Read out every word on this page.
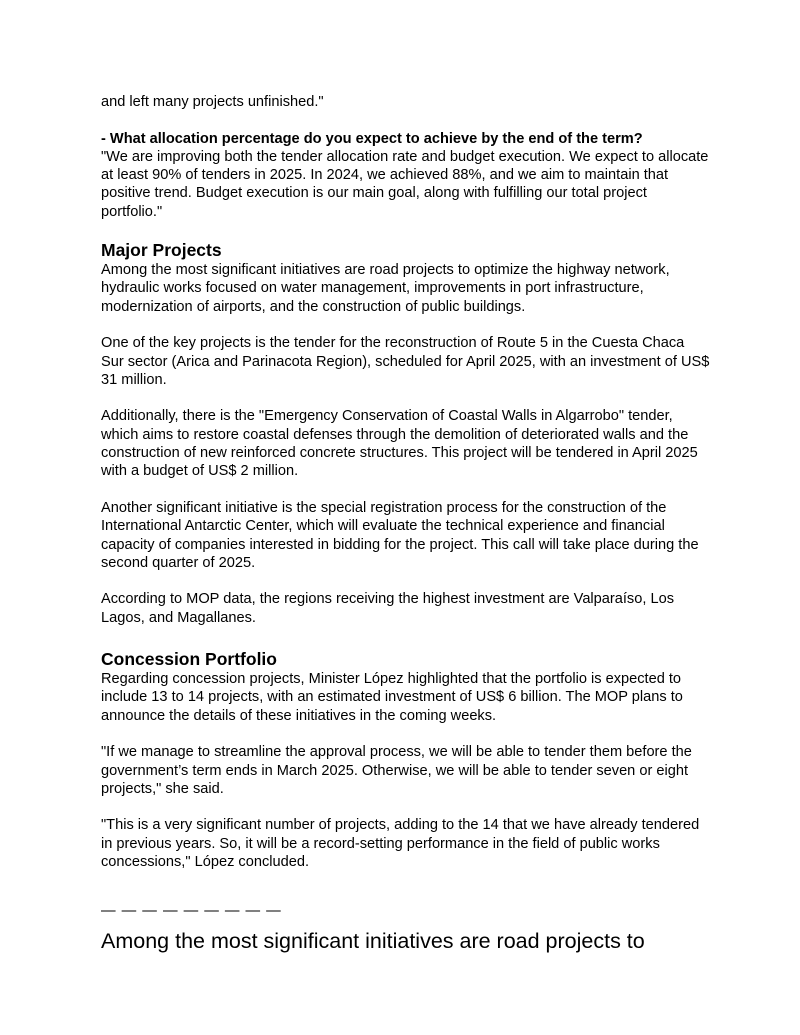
and left many projects unfinished."

- What allocation percentage do you expect to achieve by the end of the term?
"We are improving both the tender allocation rate and budget execution. We expect to allocate at least 90% of tenders in 2025. In 2024, we achieved 88%, and we aim to maintain that positive trend. Budget execution is our main goal, along with fulfilling our total project portfolio."

Major Projects

Among the most significant initiatives are road projects to optimize the highway network, hydraulic works focused on water management, improvements in port infrastructure, modernization of airports, and the construction of public buildings.

One of the key projects is the tender for the reconstruction of Route 5 in the Cuesta Chaca Sur sector (Arica and Parinacota Region), scheduled for April 2025, with an investment of US$ 31 million.

Additionally, there is the "Emergency Conservation of Coastal Walls in Algarrobo" tender, which aims to restore coastal defenses through the demolition of deteriorated walls and the construction of new reinforced concrete structures. This project will be tendered in April 2025 with a budget of US$ 2 million.

Another significant initiative is the special registration process for the construction of the International Antarctic Center, which will evaluate the technical experience and financial capacity of companies interested in bidding for the project. This call will take place during the second quarter of 2025.

According to MOP data, the regions receiving the highest investment are Valparaíso, Los Lagos, and Magallanes.

Concession Portfolio

Regarding concession projects, Minister López highlighted that the portfolio is expected to include 13 to 14 projects, with an estimated investment of US$ 6 billion. The MOP plans to announce the details of these initiatives in the coming weeks.

"If we manage to streamline the approval process, we will be able to tender them before the government’s term ends in March 2025. Otherwise, we will be able to tender seven or eight projects," she said.

"This is a very significant number of projects, adding to the 14 that we have already tendered in previous years. So, it will be a record-setting performance in the field of public works concessions," López concluded.

— — — — — — — — —
Among the most significant initiatives are road projects to
